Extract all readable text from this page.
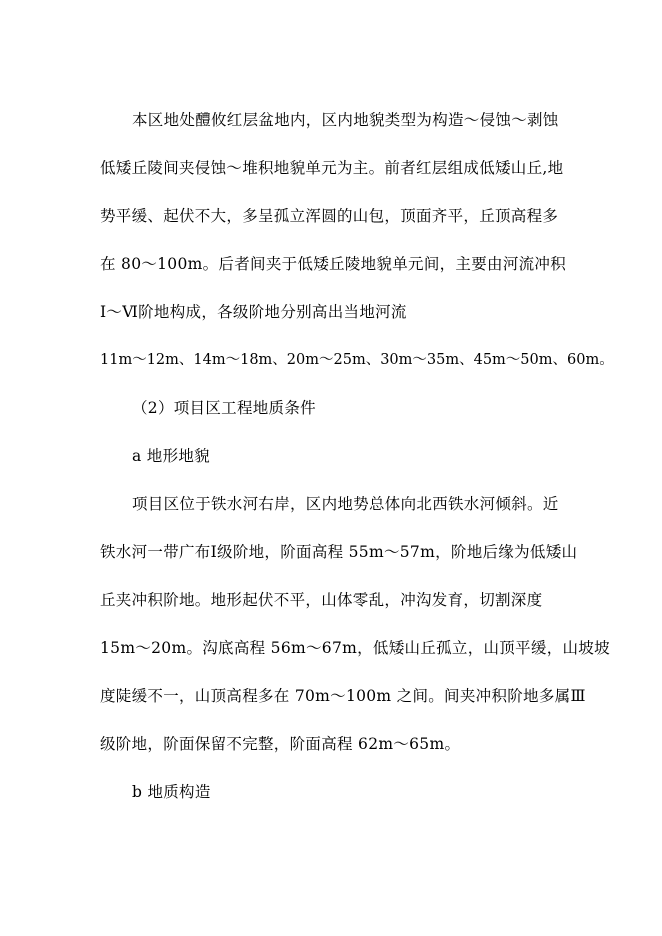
本区地处醴攸红层盆地内，区内地貌类型为构造～侵蚀～剥蚀
低矮丘陵间夹侵蚀～堆积地貌单元为主。前者红层组成低矮山丘,地
势平缓、起伏不大，多呈孤立浑圆的山包，顶面齐平，丘顶高程多
在 80～100m。后者间夹于低矮丘陵地貌单元间，主要由河流冲积
Ⅰ～Ⅵ阶地构成，各级阶地分别高出当地河流
11m～12m、14m～18m、20m～25m、30m～35m、45m～50m、60m。
（2）项目区工程地质条件
a 地形地貌
项目区位于铁水河右岸，区内地势总体向北西铁水河倾斜。近
铁水河一带广布Ⅰ级阶地，阶面高程 55m～57m，阶地后缘为低矮山
丘夹冲积阶地。地形起伏不平，山体零乱，冲沟发育，切割深度
15m～20m。沟底高程 56m～67m，低矮山丘孤立，山顶平缓，山坡坡
度陡缓不一，山顶高程多在 70m～100m 之间。间夹冲积阶地多属Ⅲ
级阶地，阶面保留不完整，阶面高程 62m～65m。
b 地质构造
